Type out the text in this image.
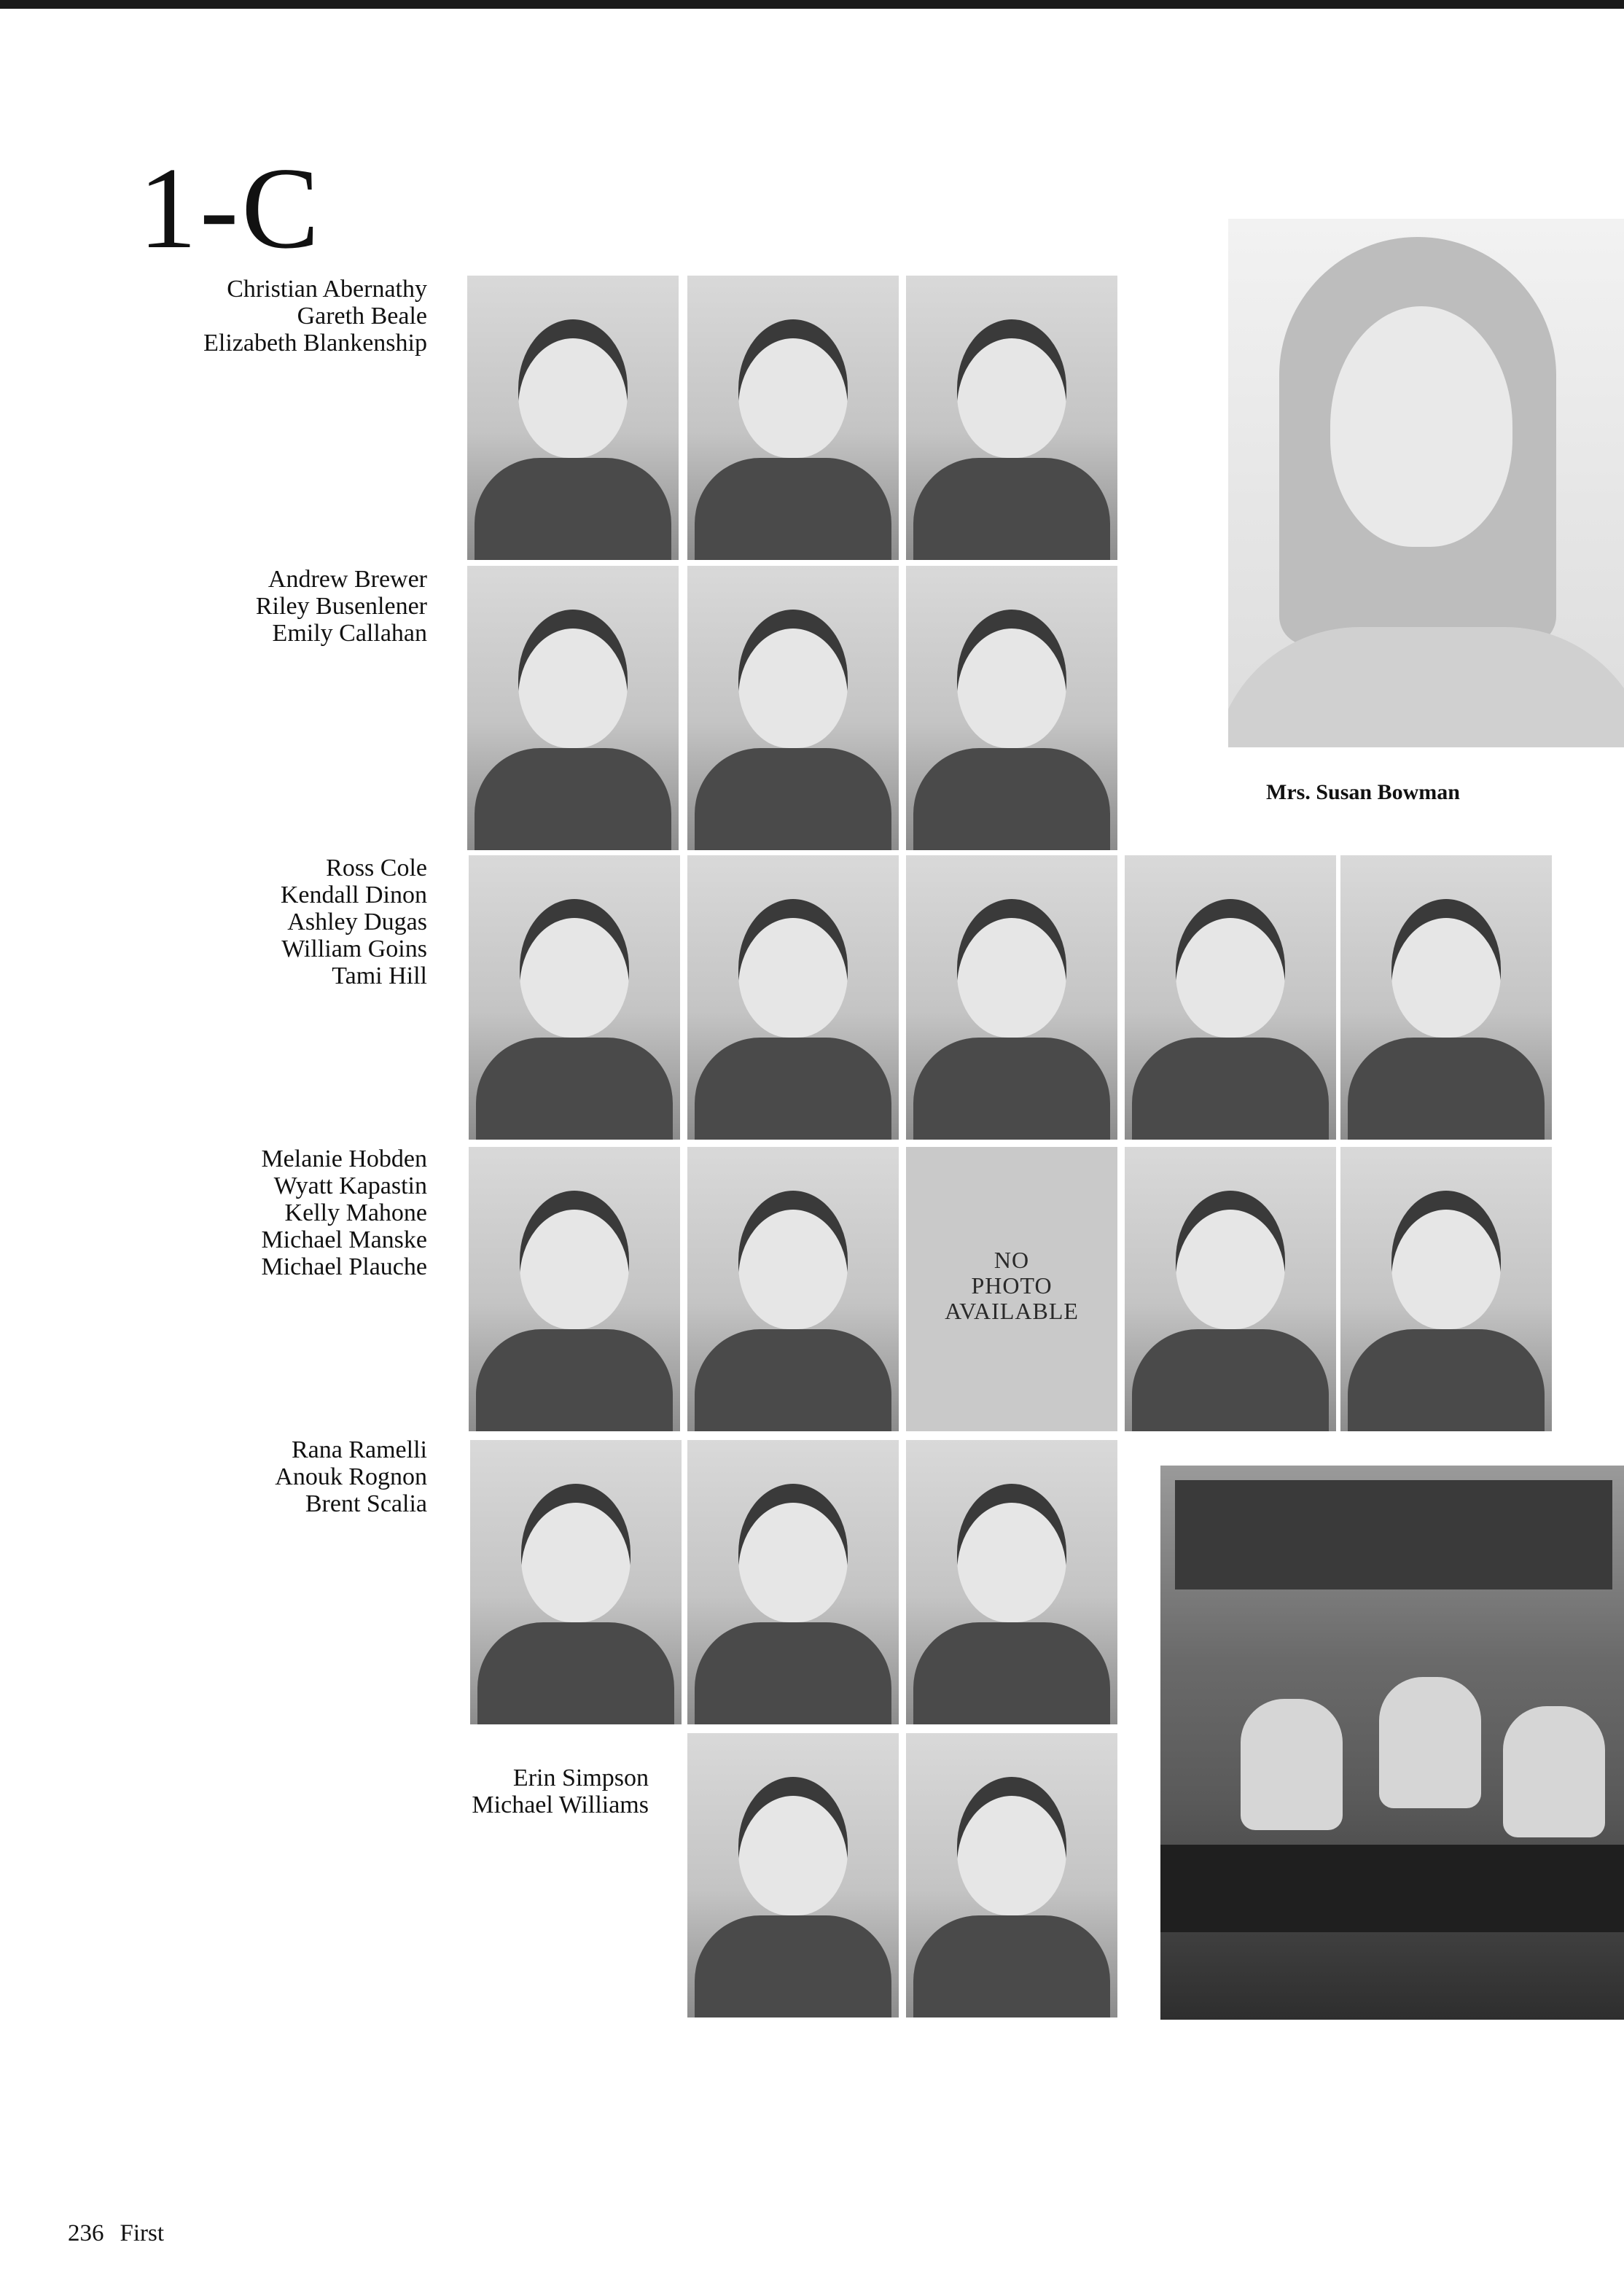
1-C
Christian Abernathy
Gareth Beale
Elizabeth Blankenship
Andrew Brewer
Riley Busenlener
Emily Callahan
Ross Cole
Kendall Dinon
Ashley Dugas
William Goins
Tami Hill
Melanie Hobden
Wyatt Kapastin
Kelly Mahone
Michael Manske
Michael Plauche
Rana Ramelli
Anouk Rognon
Brent Scalia
Erin Simpson
Michael Williams
NO
PHOTO
AVAILABLE
Mrs. Susan Bowman
236 First
